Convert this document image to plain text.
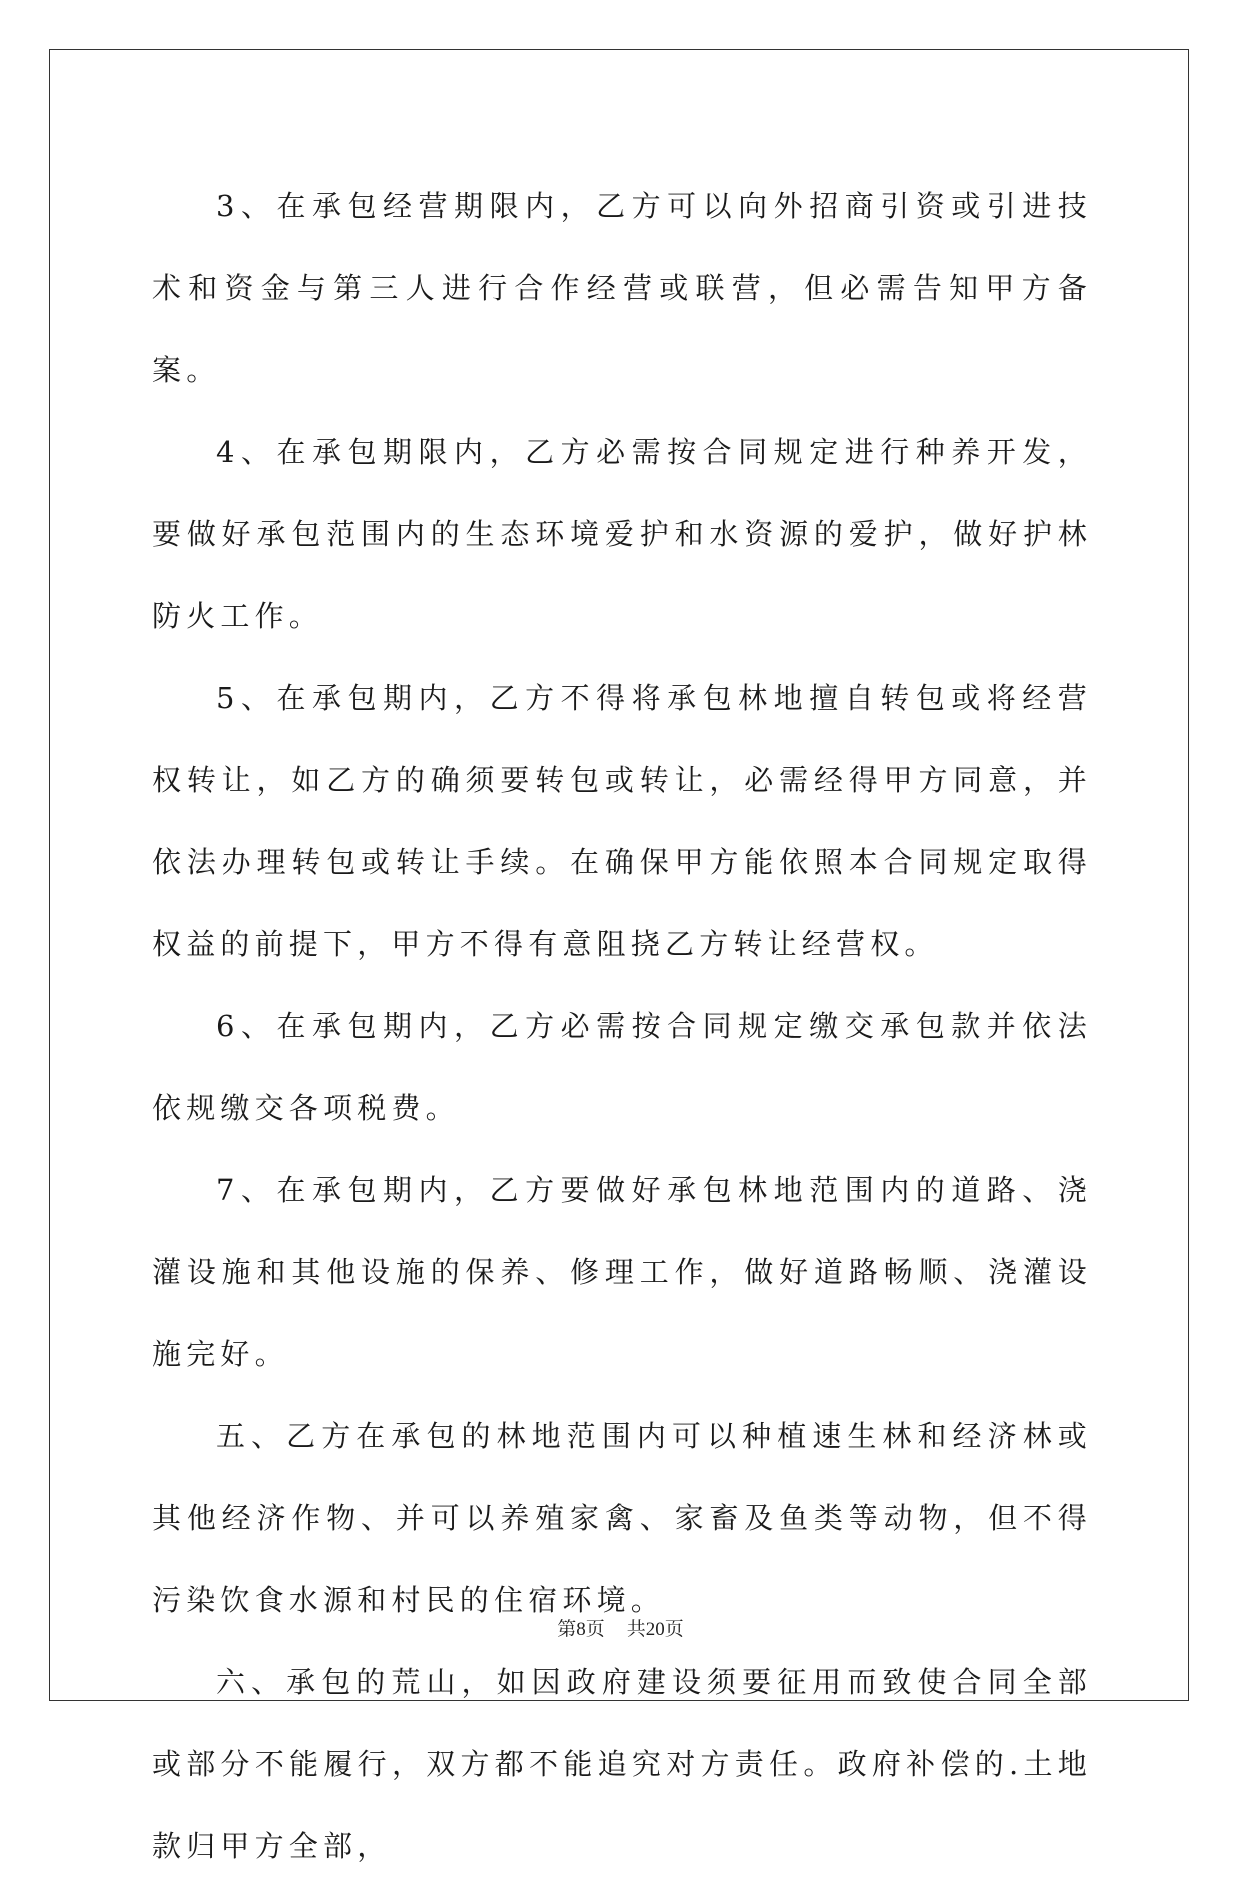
3、在承包经营期限内，乙方可以向外招商引资或引进技术和资金与第三人进行合作经营或联营，但必需告知甲方备案。

4、在承包期限内，乙方必需按合同规定进行种养开发，要做好承包范围内的生态环境爱护和水资源的爱护，做好护林防火工作。

5、在承包期内，乙方不得将承包林地擅自转包或将经营权转让，如乙方的确须要转包或转让，必需经得甲方同意，并依法办理转包或转让手续。在确保甲方能依照本合同规定取得权益的前提下，甲方不得有意阻挠乙方转让经营权。

6、在承包期内，乙方必需按合同规定缴交承包款并依法依规缴交各项税费。

7、在承包期内，乙方要做好承包林地范围内的道路、浇灌设施和其他设施的保养、修理工作，做好道路畅顺、浇灌设施完好。

五、乙方在承包的林地范围内可以种植速生林和经济林或其他经济作物、并可以养殖家禽、家畜及鱼类等动物，但不得污染饮食水源和村民的住宿环境。

六、承包的荒山，如因政府建设须要征用而致使合同全部或部分不能履行，双方都不能追究对方责任。政府补偿的.土地款归甲方全部，

第8页 共20页
